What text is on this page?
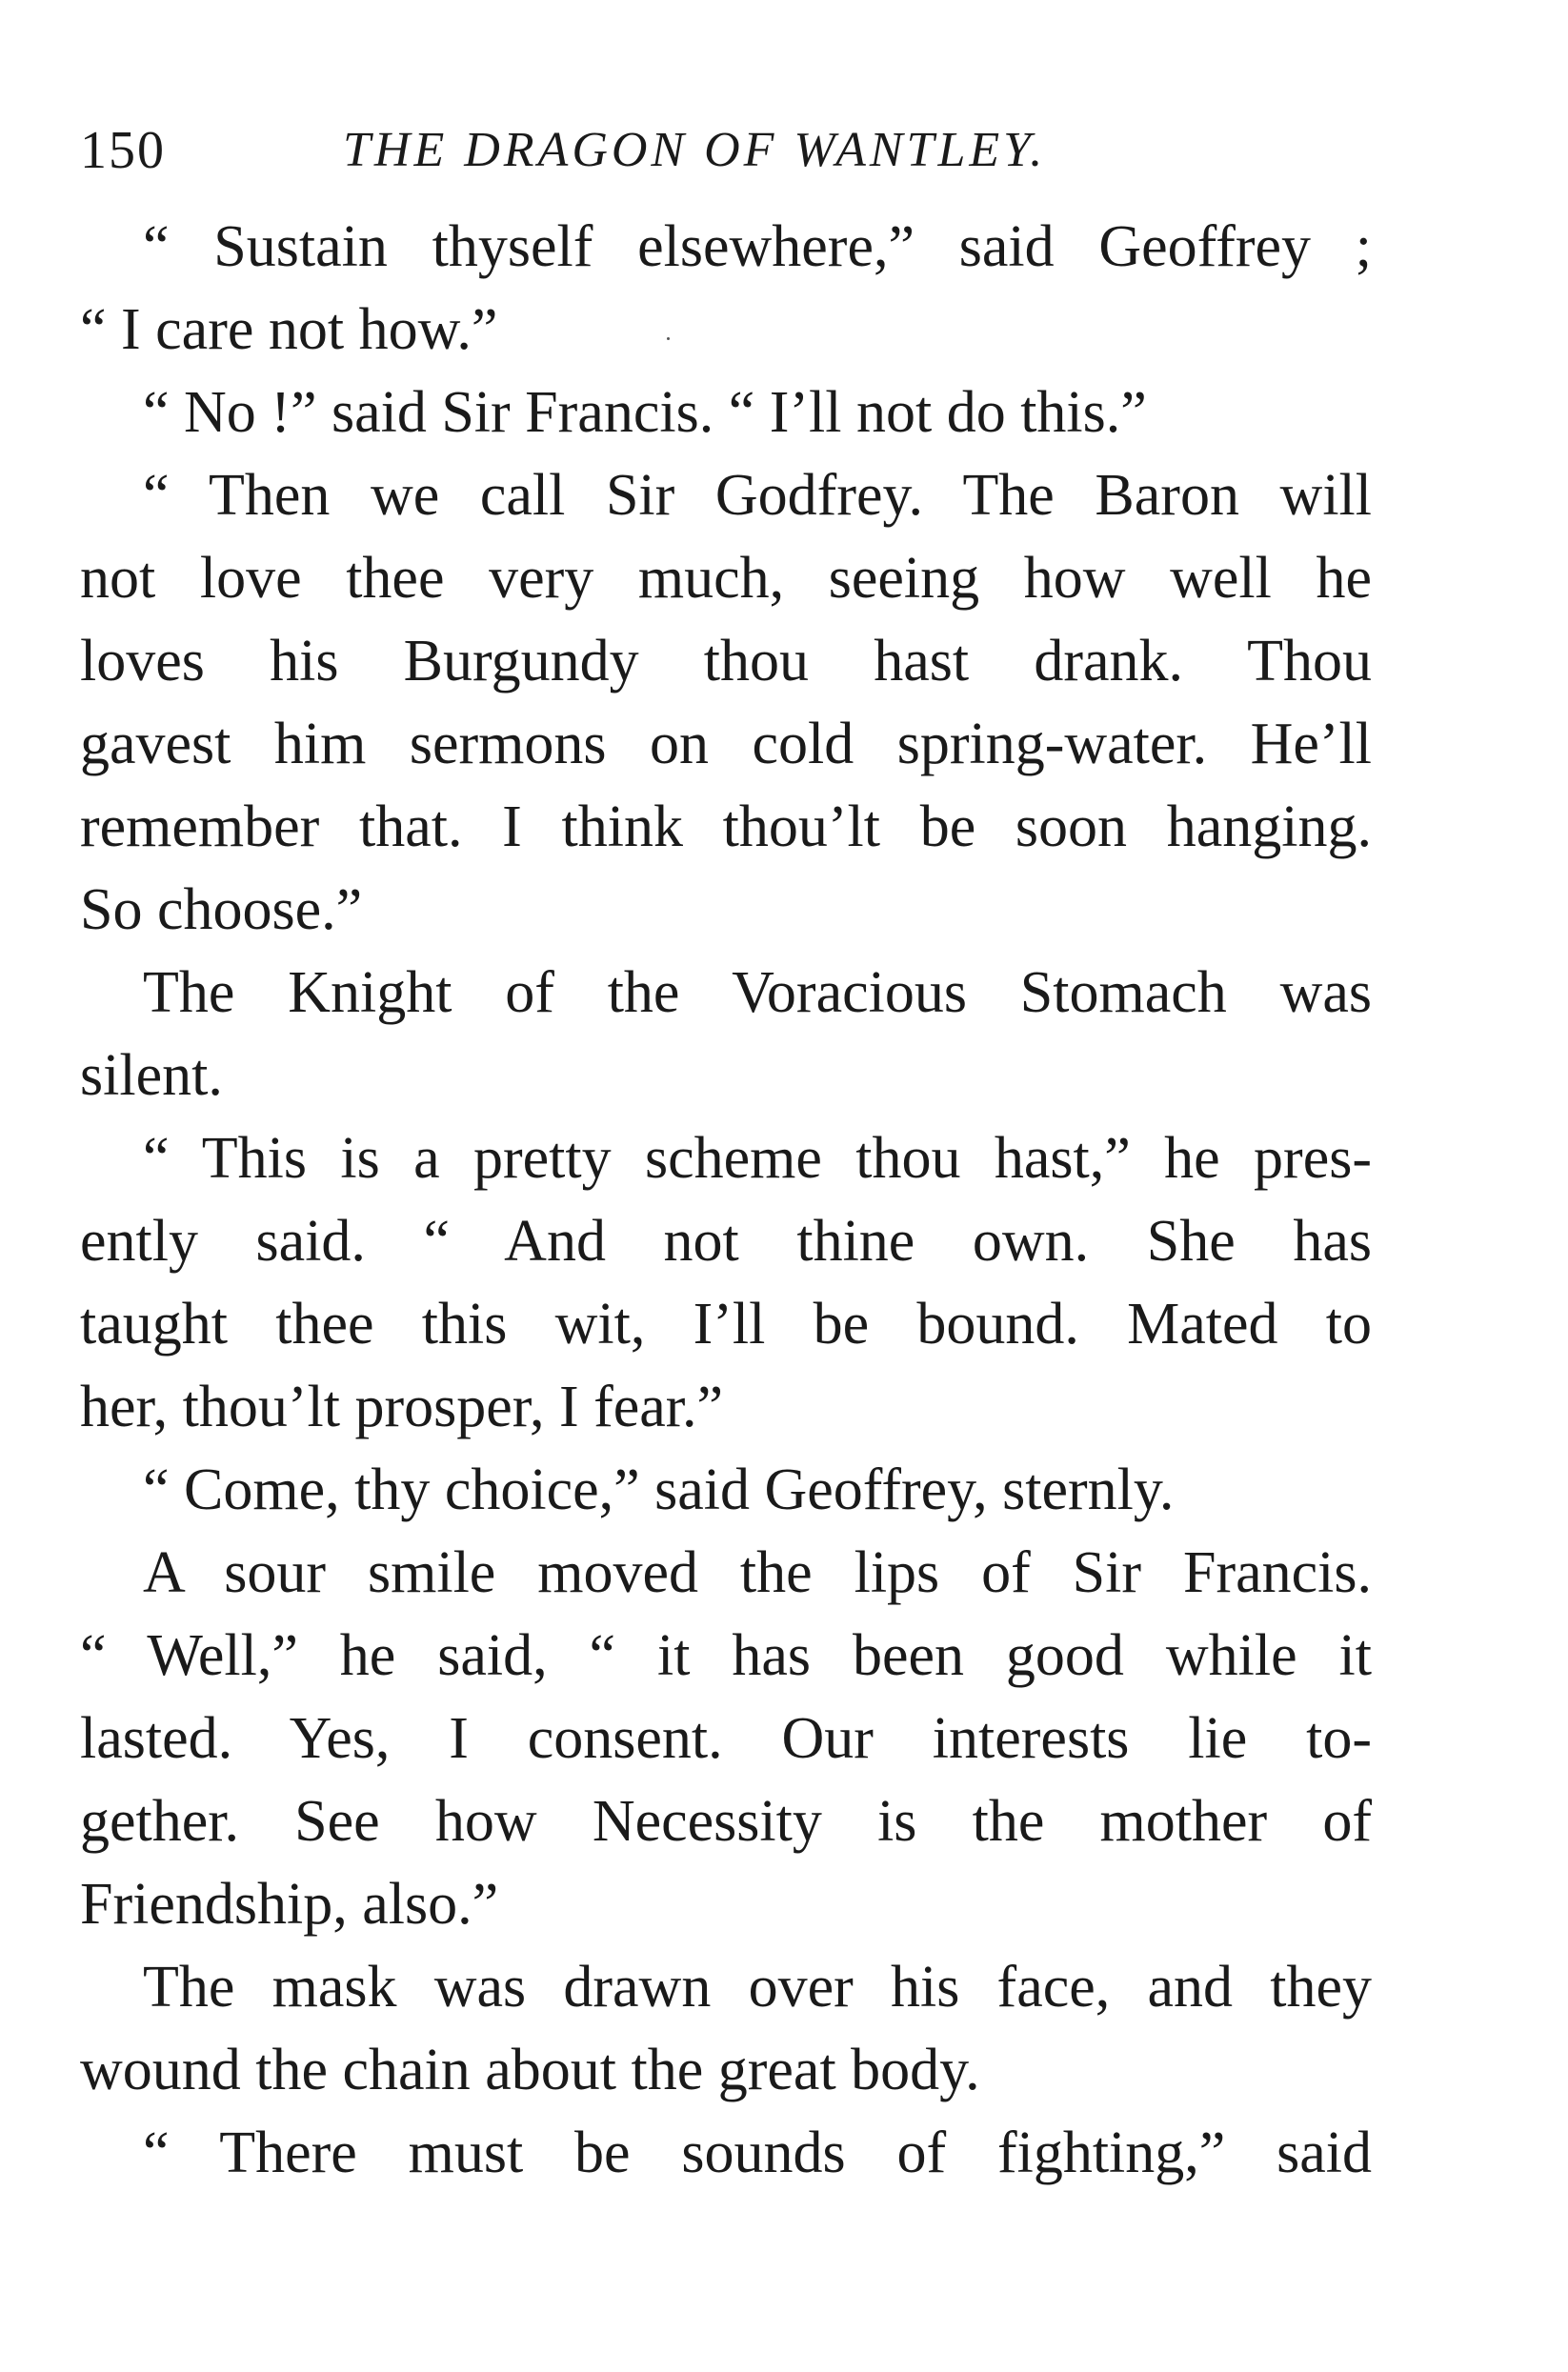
150	THE DRAGON OF WANTLEY.
“ Sustain thyself elsewhere,” said Geoffrey ;
“ I care not how.”
“ No !” said Sir Francis. “ I’ll not do this.”
“ Then we call Sir Godfrey. The Baron will
not love thee very much, seeing how well he
loves his Burgundy thou hast drank. Thou
gavest him sermons on cold spring-water. He’ll
remember that. I think thou’lt be soon hanging.
So choose.”
The Knight of the Voracious Stomach was
silent.
“ This is a pretty scheme thou hast,” he pres-
ently said. “ And not thine own. She has
taught thee this wit, I’ll be bound. Mated to
her, thou’lt prosper, I fear.”
“ Come, thy choice,” said Geoffrey, sternly.
A sour smile moved the lips of Sir Francis.
“ Well,” he said, “ it has been good while it
lasted. Yes, I consent. Our interests lie to-
gether. See how Necessity is the mother of
Friendship, also.”
The mask was drawn over his face, and they
wound the chain about the great body.
“ There must be sounds of fighting,” said
